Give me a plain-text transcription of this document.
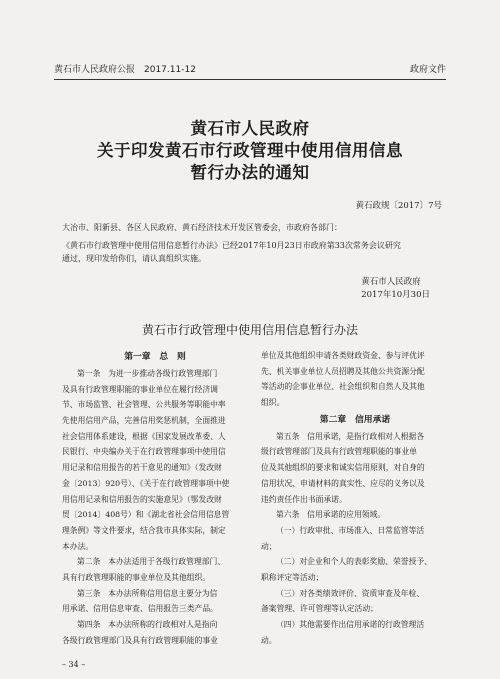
黄石市人民政府公报　2017.11-12	政府文件
黄石市人民政府
关于印发黄石市行政管理中使用信用信息
暂行办法的通知
黄石政规〔2017〕7号
大冶市、阳新县、各区人民政府、黄石经济技术开发区管委会，市政府各部门：
《黄石市行政管理中使用信用信息暂行办法》已经2017年10月23日市政府第33次常务会议研究
通过，现印发给你们，请认真组织实施。
黄石市人民政府
2017年10月30日
黄石市行政管理中使用信用信息暂行办法
第一章　总　则
第一条　为进一步推动各级行政管理部门
及具有行政管理职能的事业单位在履行经济调
节、市场监管、社会管理、公共服务等职能中率
先使用信用产品，完善信用奖惩机制，全面推进
社会信用体系建设，根据《国家发展改革委、人
民银行、中央编办关于在行政管理事项中使用信
用记录和信用报告的若干意见的通知》（发改财
金〔2013〕920号）、《关于在行政管理事项中使
用信用记录和信用报告的实施意见》（鄂发改财
贸〔2014〕408号）和《湖北省社会信用信息管
理条例》等文件要求，结合我市具体实际，制定
本办法。
第二条　本办法适用于各级行政管理部门、
具有行政管理职能的事业单位及其他组织。
第三条　本办法所称信用信息主要分为信
用承诺、信用信息审查、信用报告三类产品。
第四条　本办法所称的行政相对人是指向
各级行政管理部门及具有行政管理职能的事业
单位及其他组织申请各类财政资金、参与评优评
先、机关事业单位人员招聘及其他公共资源分配
等活动的企事业单位、社会组织和自然人及其他
组织。
第二章　信用承诺
第五条　信用承诺，是指行政相对人根据各
级行政管理部门及具有行政管理职能的事业单
位及其他组织的要求和诚实信用原则，对自身的
信用状况、申请材料的真实性、应尽的义务以及
违约责任作出书面承诺。
第六条　信用承诺的应用领域。
（一）行政审批、市场准入、日常监管等活
动；
（二）对企业和个人的表彰奖励、荣誉授予、
职称评定等活动；
（三）对各类绩效评价、资质审查及年检、
备案管理、许可管理等认定活动；
（四）其他需要作出信用承诺的行政管理活
动。
– 34 –
